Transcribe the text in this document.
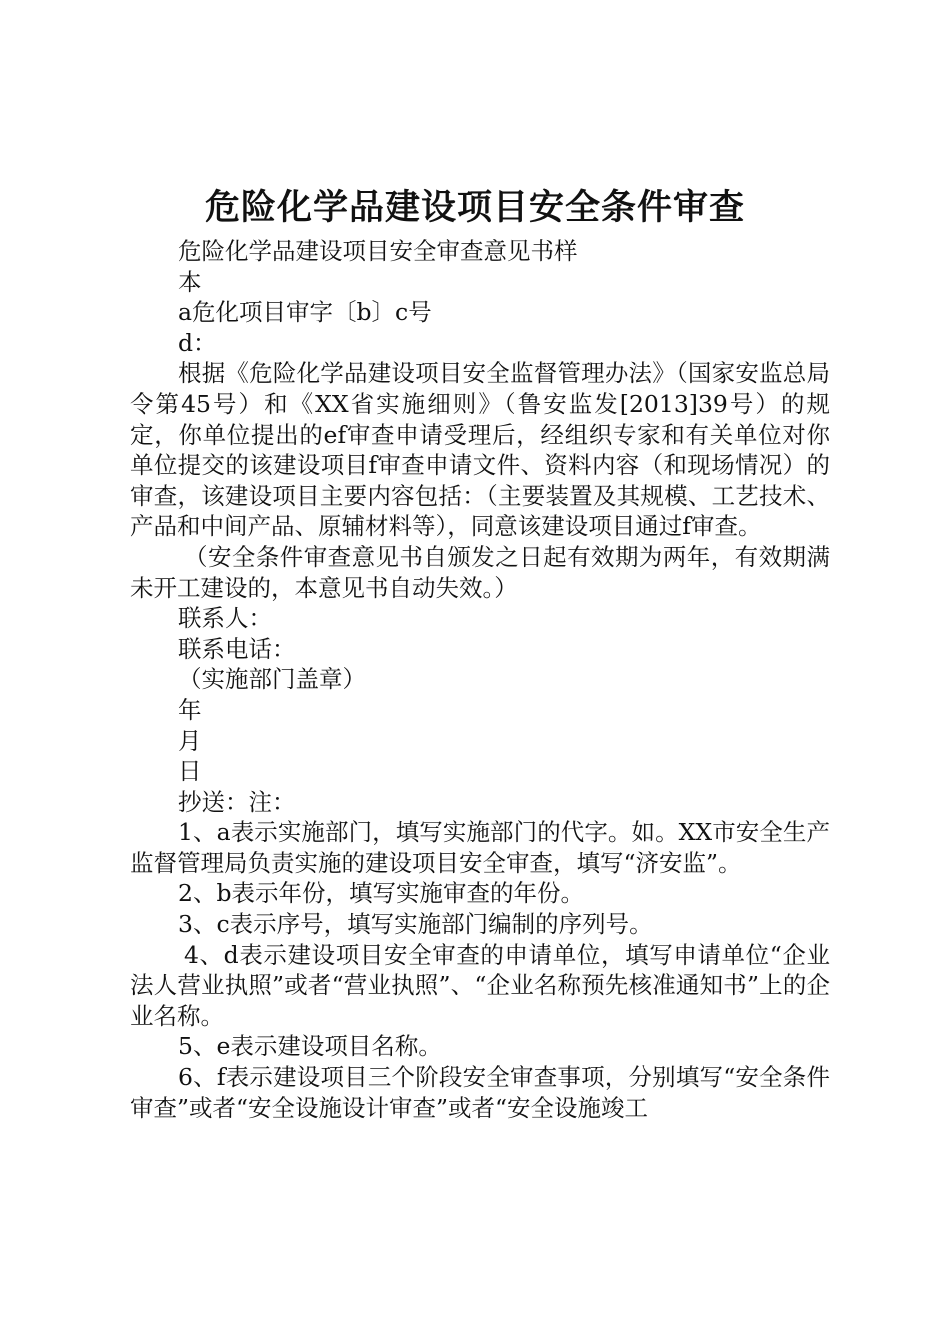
危险化学品建设项目安全条件审查

危险化学品建设项目安全审查意见书样

本

a危化项目审字〔b〕c号

d：

根据《危险化学品建设项目安全监督管理办法》（国家安监总局令第45号）和《XX省实施细则》（鲁安监发[2013]39号）的规定，你单位提出的ef审查申请受理后，经组织专家和有关单位对你单位提交的该建设项目f审查申请文件、资料内容（和现场情况）的审查，该建设项目主要内容包括：（主要装置及其规模、工艺技术、产品和中间产品、原辅材料等），同意该建设项目通过f审查。

（安全条件审查意见书自颁发之日起有效期为两年，有效期满未开工建设的，本意见书自动失效。）

联系人：

联系电话：

（实施部门盖章）

年

月

日

抄送：注：

1、a表示实施部门，填写实施部门的代字。如。XX市安全生产监督管理局负责实施的建设项目安全审查，填写“济安监”。

2、b表示年份，填写实施审查的年份。

3、c表示序号，填写实施部门编制的序列号。

4、d表示建设项目安全审查的申请单位，填写申请单位“企业法人营业执照”或者“营业执照”、“企业名称预先核准通知书”上的企业名称。

5、e表示建设项目名称。

6、f表示建设项目三个阶段安全审查事项，分别填写“安全条件审查”或者“安全设施设计审查”或者“安全设施竣工
